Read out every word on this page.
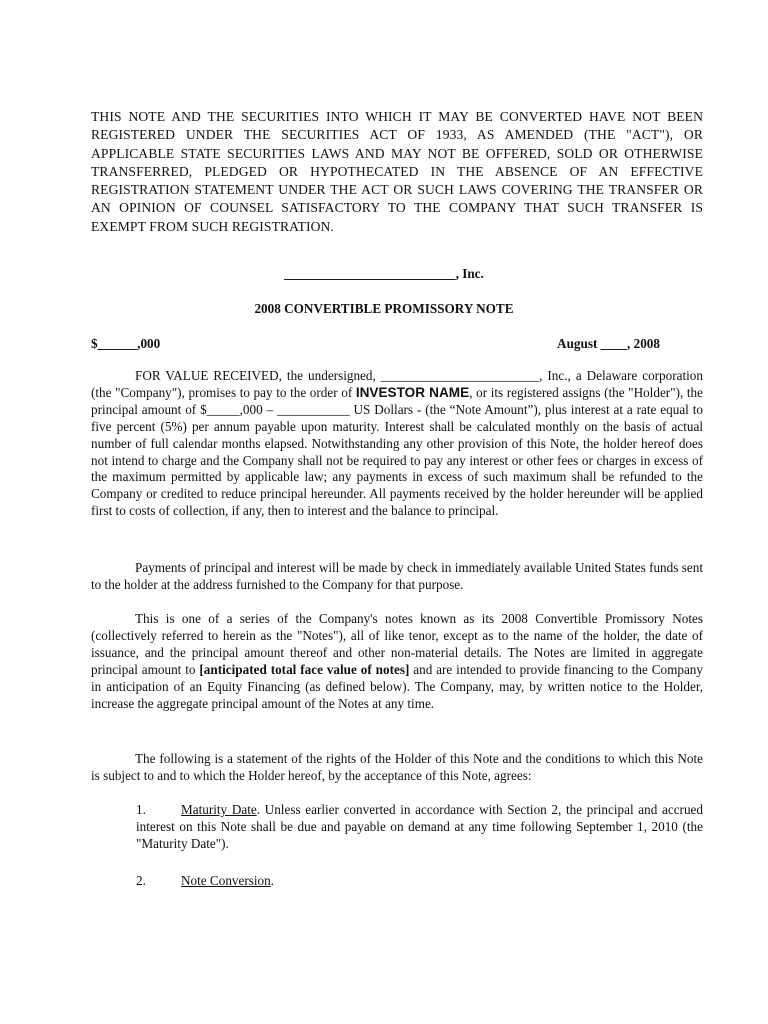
THIS NOTE AND THE SECURITIES INTO WHICH IT MAY BE CONVERTED HAVE NOT BEEN REGISTERED UNDER THE SECURITIES ACT OF 1933, AS AMENDED (THE "ACT"), OR APPLICABLE STATE SECURITIES LAWS AND MAY NOT BE OFFERED, SOLD OR OTHERWISE TRANSFERRED, PLEDGED OR HYPOTHECATED IN THE ABSENCE OF AN EFFECTIVE REGISTRATION STATEMENT UNDER THE ACT OR SUCH LAWS COVERING THE TRANSFER OR AN OPINION OF COUNSEL SATISFACTORY TO THE COMPANY THAT SUCH TRANSFER IS EXEMPT FROM SUCH REGISTRATION.
__________________________, Inc.
2008 CONVERTIBLE PROMISSORY NOTE
$______,000	August ____, 2008

FOR VALUE RECEIVED, the undersigned, ________________________, Inc., a Delaware corporation (the "Company"), promises to pay to the order of INVESTOR NAME, or its registered assigns (the "Holder"), the principal amount of $_____,000 – ___________ US Dollars - (the “Note Amount”), plus interest at a rate equal to five percent (5%) per annum payable upon maturity. Interest shall be calculated monthly on the basis of actual number of full calendar months elapsed. Notwithstanding any other provision of this Note, the holder hereof does not intend to charge and the Company shall not be required to pay any interest or other fees or charges in excess of the maximum permitted by applicable law; any payments in excess of such maximum shall be refunded to the Company or credited to reduce principal hereunder. All payments received by the holder hereunder will be applied first to costs of collection, if any, then to interest and the balance to principal.

Payments of principal and interest will be made by check in immediately available United States funds sent to the holder at the address furnished to the Company for that purpose.

This is one of a series of the Company's notes known as its 2008 Convertible Promissory Notes (collectively referred to herein as the "Notes"), all of like tenor, except as to the name of the holder, the date of issuance, and the principal amount thereof and other non-material details. The Notes are limited in aggregate principal amount to [anticipated total face value of notes] and are intended to provide financing to the Company in anticipation of an Equity Financing (as defined below). The Company, may, by written notice to the Holder, increase the aggregate principal amount of the Notes at any time.

The following is a statement of the rights of the Holder of this Note and the conditions to which this Note is subject to and to which the Holder hereof, by the acceptance of this Note, agrees:

1.	Maturity Date. Unless earlier converted in accordance with Section 2, the principal and accrued interest on this Note shall be due and payable on demand at any time following September 1, 2010 (the "Maturity Date").
2.	Note Conversion.
